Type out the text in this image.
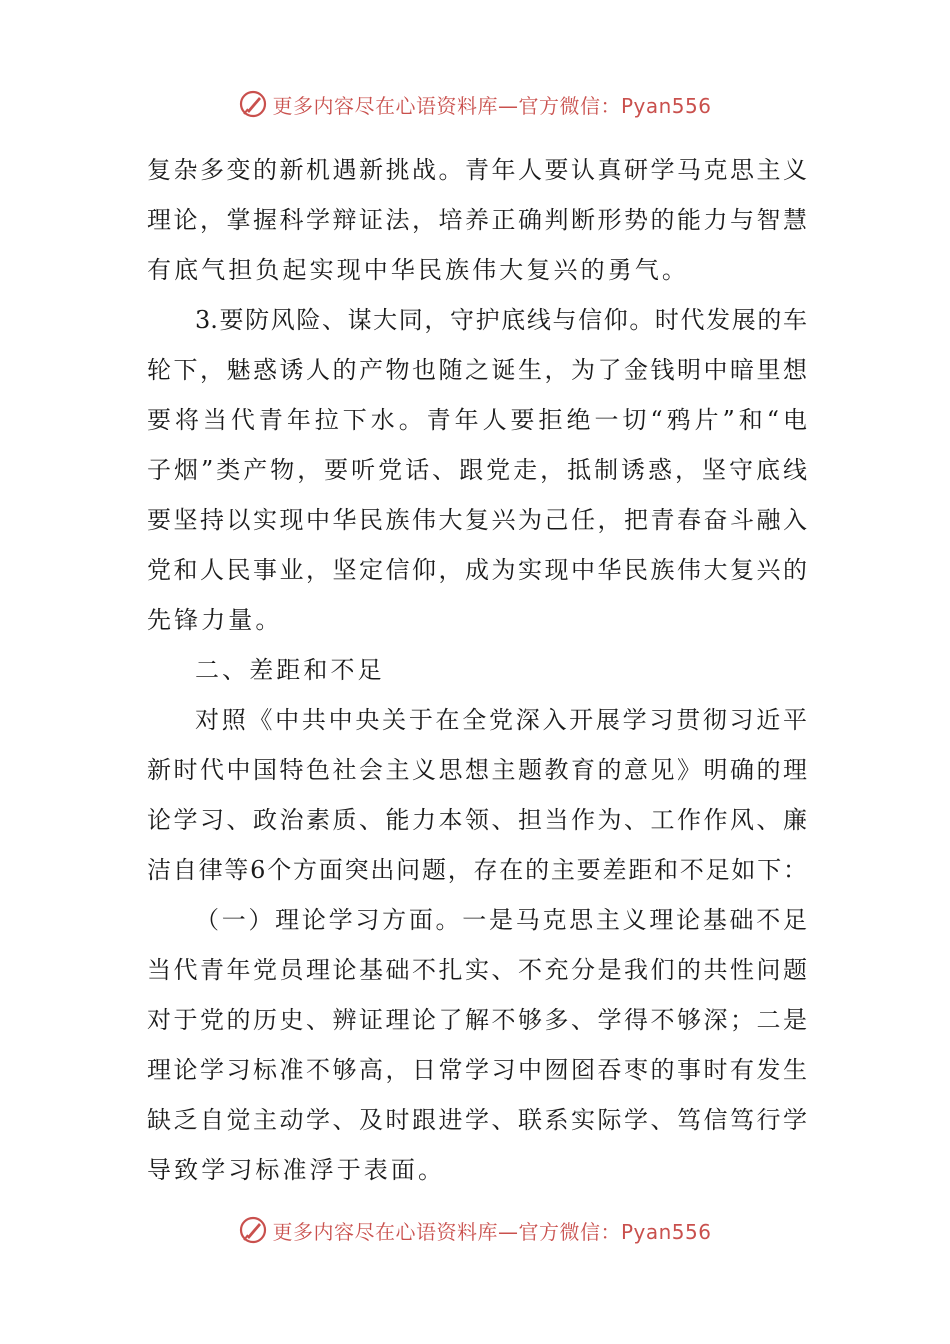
更多内容尽在心语资料库—官方微信：Pyan556
复杂多变的新机遇新挑战。青年人要认真研学马克思主义
理论，掌握科学辩证法，培养正确判断形势的能力与智慧
有底气担负起实现中华民族伟大复兴的勇气。
3.要防风险、谋大同，守护底线与信仰。时代发展的车
轮下，魅惑诱人的产物也随之诞生，为了金钱明中暗里想
要将当代青年拉下水。青年人要拒绝一切“鸦片”和“电
子烟”类产物，要听党话、跟党走，抵制诱惑，坚守底线
要坚持以实现中华民族伟大复兴为己任，把青春奋斗融入
党和人民事业，坚定信仰，成为实现中华民族伟大复兴的
先锋力量。
二、差距和不足
对照《中共中央关于在全党深入开展学习贯彻习近平
新时代中国特色社会主义思想主题教育的意见》明确的理
论学习、政治素质、能力本领、担当作为、工作作风、廉
洁自律等6个方面突出问题，存在的主要差距和不足如下：
（一）理论学习方面。一是马克思主义理论基础不足
当代青年党员理论基础不扎实、不充分是我们的共性问题
对于党的历史、辨证理论了解不够多、学得不够深；二是
理论学习标准不够高，日常学习中囫囵吞枣的事时有发生
缺乏自觉主动学、及时跟进学、联系实际学、笃信笃行学
导致学习标准浮于表面。
更多内容尽在心语资料库—官方微信：Pyan556
